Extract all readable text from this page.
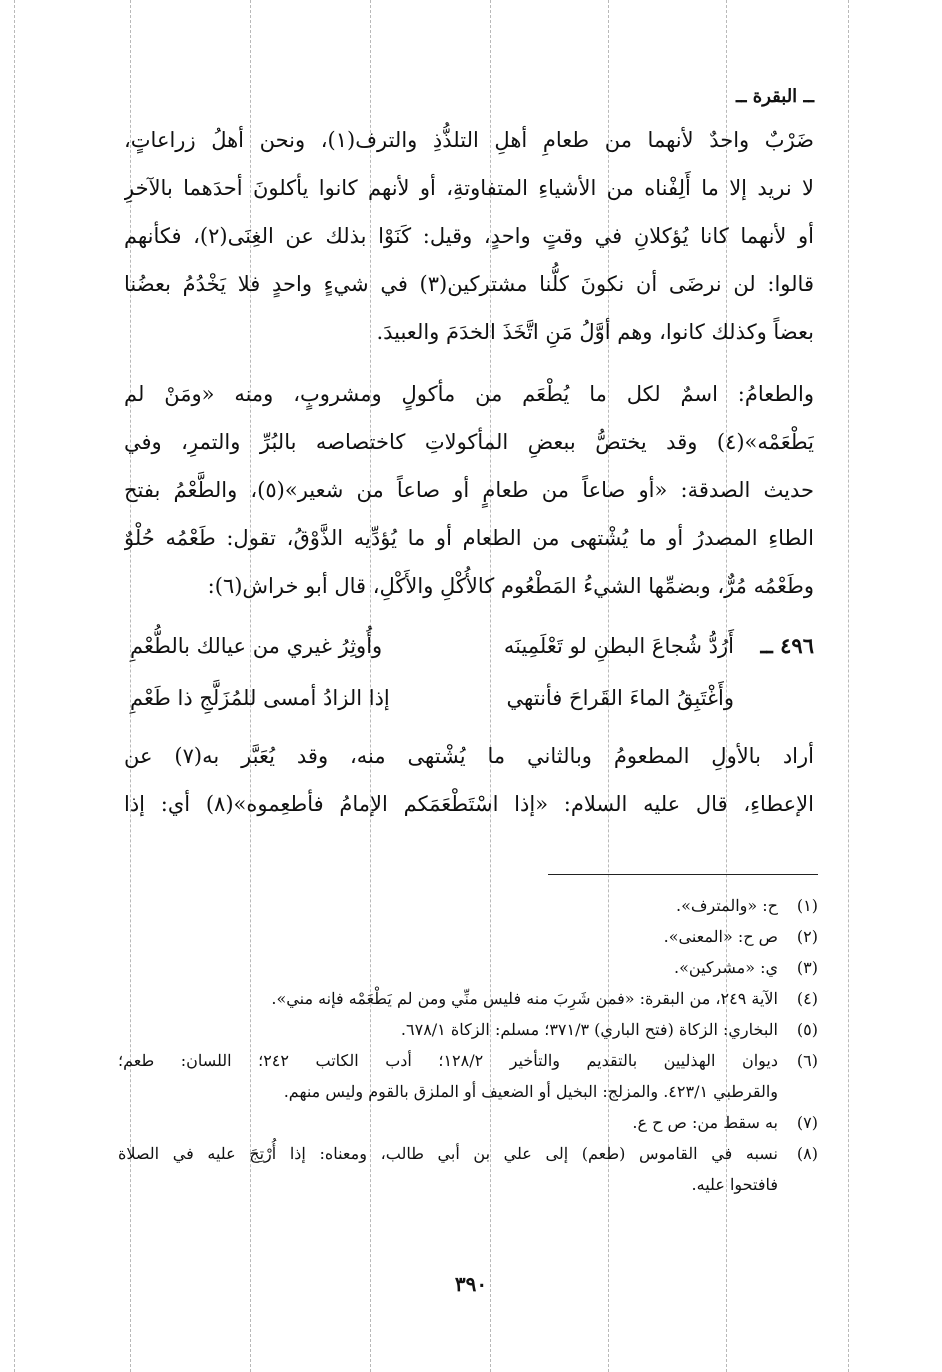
ــ البقرة ــ
ضَرْبٌ واحدٌ لأنهما من طعامِ أهلِ التلذُّذِ والترف(١)، ونحن أهلُ زراعاتٍ،
لا نريد إلا ما أَلِفْناه من الأشياءِ المتفاوتةِ، أو لأنهم كانوا يأكلونَ أحدَهما بالآخرِ
أو لأنهما كانا يُؤكلانِ في وقتٍ واحدٍ، وقيل: كَنَوْا بذلك عن الغِنَى(٢)، فكأنهم
قالوا: لن نرضَى أن نكونَ كلُّنا مشتركين(٣) في شيءٍ واحدٍ فلا يَخْدُمُ بعضُنا
بعضاً وكذلك كانوا، وهم أوَّلُ مَنِ اتَّخَذَ الخدَمَ والعبيدَ.
والطعامُ: اسمٌ لكل ما يُطْعَم من مأكولٍ ومشروبٍ، ومنه «ومَنْ لم
يَطْعَمْه»(٤) وقد يختصُّ ببعضِ المأكولاتِ كاختصاصه بالبُرِّ والتمرِ، وفي
حديث الصدقة: «أو صاعاً من طعامٍ أو صاعاً من شعير»(٥)، والطَّعْمُ بفتح
الطاءِ المصدرُ أو ما يُشْتهى من الطعام أو ما يُؤدِّيه الذَّوْقُ، تقول: طَعْمُه حُلْوٌ
وطَعْمُه مُرٌّ، وبضمِّها الشيءُ المَطْعُوم كالأُكْلِ والأَكْلِ، قال أبو خراش(٦):
٤٩٦ ــ
أَرُدُّ شُجاعَ البطنِ لو تَعْلَمِينَه
وأُوثِرُ غيري من عيالك بالطُّعْمِ
وأَغْتَبِقُ الماءَ القَراحَ فأنتهي
إذا الزادُ أمسى للمُزَلَّجِ ذا طَعْمِ
أراد بالأولِ المطعومُ وبالثاني ما يُشْتهى منه، وقد يُعَبَّر به(٧) عن
الإعطاءِ، قال عليه السلام: «إذا اسْتَطْعَمَكم الإمامُ فأطعِموه»(٨) أي: إذا
(١)
ح: «والمترف».
(٢)
ص ح: «المعنى».
(٣)
ي: «مشركين».
(٤)
الآية ٢٤٩، من البقرة: «فمن شَرِبَ منه فليس منِّي ومن لم يَطْعَمْه فإنه مني».
(٥)
البخاري: الزكاة (فتح الباري) ٣٧١/٣؛ مسلم: الزكاة ٦٧٨/١.
(٦)
ديوان الهذليين بالتقديم والتأخير ١٢٨/٢؛ أدب الكاتب ٢٤٢؛ اللسان: طعم؛
والقرطبي ٤٢٣/١. والمزلج: البخيل أو الضعيف أو الملزق بالقوم وليس منهم.
(٧)
به سقط من: ص ح ع.
(٨)
نسبه في القاموس (طعم) إلى علي بن أبي طالب، ومعناه: إذا أُرْتِجَ عليه في الصلاة
فافتحوا عليه.
٣٩٠
